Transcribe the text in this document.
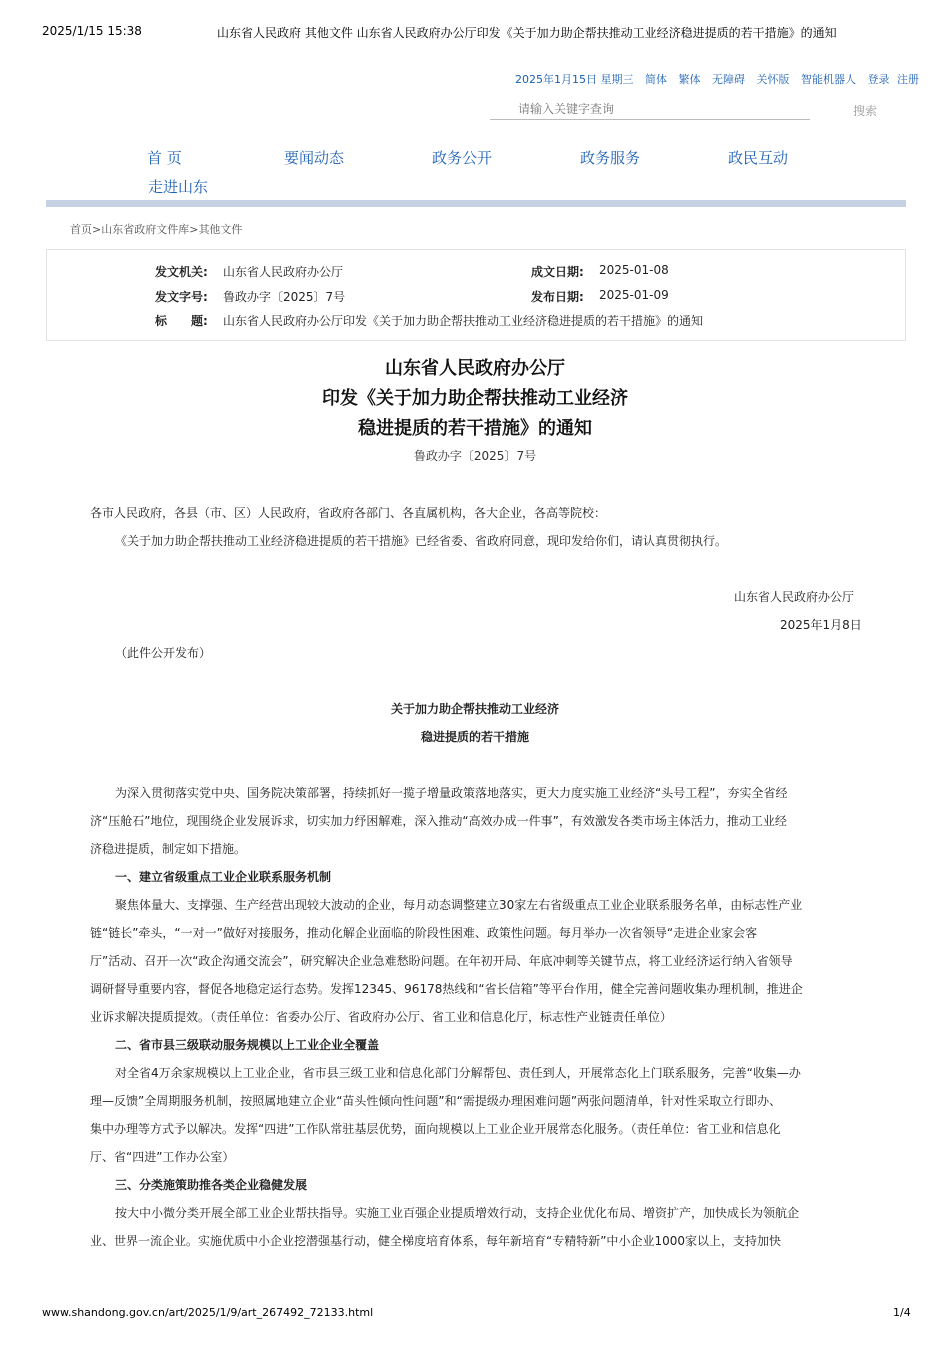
2025/1/15 15:38	山东省人民政府 其他文件 山东省人民政府办公厅印发《关于加力助企帮扶推动工业经济稳进提质的若干措施》的通知
www.shandong.gov.cn/art/2025/1/9/art_267492_72133.html	1/4
2025年1月15日 星期三 简体 繁体 无障碍 关怀版 智能机器人 登录 注册
请输入关键字查询	搜索
首 页	要闻动态	政务公开	政务服务	政民互动
走进山东
首页>山东省政府文件库>其他文件
发文机关: 山东省人民政府办公厅	成文日期: 2025-01-08
发文字号: 鲁政办字〔2025〕7号	发布日期: 2025-01-09
标　　题: 山东省人民政府办公厅印发《关于加力助企帮扶推动工业经济稳进提质的若干措施》的通知
山东省人民政府办公厅
印发《关于加力助企帮扶推动工业经济
稳进提质的若干措施》的通知
鲁政办字〔2025〕7号
各市人民政府，各县（市、区）人民政府，省政府各部门、各直属机构，各大企业，各高等院校：
《关于加力助企帮扶推动工业经济稳进提质的若干措施》已经省委、省政府同意，现印发给你们，请认真贯彻执行。
山东省人民政府办公厅
2025年1月8日
（此件公开发布）
关于加力助企帮扶推动工业经济
稳进提质的若干措施
为深入贯彻落实党中央、国务院决策部署，持续抓好一揽子增量政策落地落实，更大力度实施工业经济“头号工程”，夯实全省经
济“压舱石”地位，现围绕企业发展诉求，切实加力纾困解难，深入推动“高效办成一件事”，有效激发各类市场主体活力，推动工业经
济稳进提质，制定如下措施。
一、建立省级重点工业企业联系服务机制
聚焦体量大、支撑强、生产经营出现较大波动的企业，每月动态调整建立30家左右省级重点工业企业联系服务名单，由标志性产业
链“链长”牵头，“一对一”做好对接服务，推动化解企业面临的阶段性困难、政策性问题。每月举办一次省领导“走进企业家会客
厅”活动、召开一次“政企沟通交流会”，研究解决企业急难愁盼问题。在年初开局、年底冲刺等关键节点，将工业经济运行纳入省领导
调研督导重要内容，督促各地稳定运行态势。发挥12345、96178热线和“省长信箱”等平台作用，健全完善问题收集办理机制，推进企
业诉求解决提质提效。（责任单位：省委办公厅、省政府办公厅、省工业和信息化厅，标志性产业链责任单位）
二、省市县三级联动服务规模以上工业企业全覆盖
对全省4万余家规模以上工业企业，省市县三级工业和信息化部门分解帮包、责任到人，开展常态化上门联系服务，完善“收集—办
理—反馈”全周期服务机制，按照属地建立企业“苗头性倾向性问题”和“需提级办理困难问题”两张问题清单，针对性采取立行即办、
集中办理等方式予以解决。发挥“四进”工作队常驻基层优势，面向规模以上工业企业开展常态化服务。（责任单位：省工业和信息化
厅、省“四进”工作办公室）
三、分类施策助推各类企业稳健发展
按大中小微分类开展全部工业企业帮扶指导。实施工业百强企业提质增效行动，支持企业优化布局、增资扩产，加快成长为领航企
业、世界一流企业。实施优质中小企业挖潜强基行动，健全梯度培育体系，每年新培育“专精特新”中小企业1000家以上，支持加快
